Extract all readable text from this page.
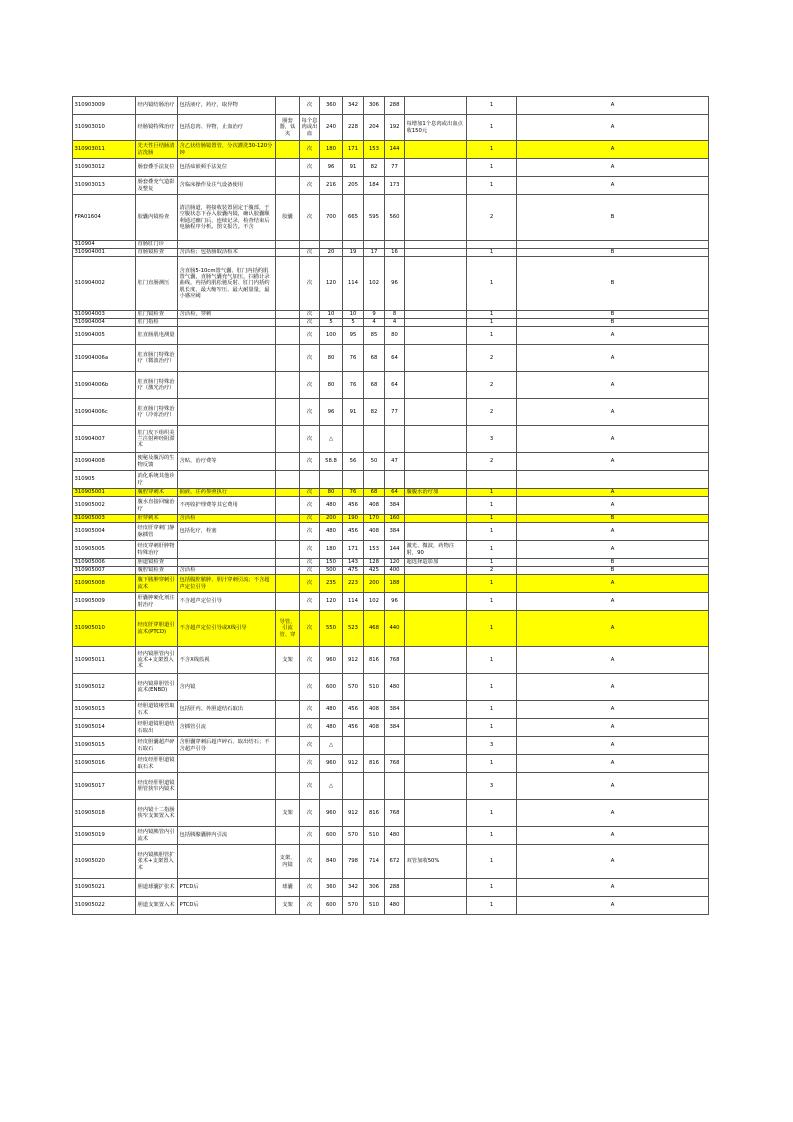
310903009	经内镜结肠治疗	包括液疗，药疗，取异物		次	360	342	306	288		1	A
310903010	经肠镜特殊治疗	包括息肉、异物，止血治疗	圈套器，钛夹	每个息肉或出血	240	228	204	192	每增加1个息肉或出血点收150元	1	A
310903011	先天性巨结肠清洁洗肠	含乙状结肠镜置管，分次灌洗30-120分钟		次	180	171	153	144		1	A
310903012	肠套叠手法复位	包括疝嵌顿手法复位		次	96	91	82	77		1	A
310903013	肠套叠充气造影及整复	含临床操作及注气设备使用		次	216	205	184	173		1	A
FPA01604	胶囊内镜检查	清洁肠道，将接收装置固定于腹部，于空腹状态下吞入胶囊内镜，确认胶囊顺利通过幽门后，连续记录，检查结束后电脑程序分析。图文报告。不含	胶囊	次	700	665	595	560		2	B
310904	直肠肛门诊										
310904001	直肠镜检查	含活检；包括肠取活检术		次	20	19	17	16		1	B
310904002	肛门直肠测压	含直肠5-10cm置气囊、肛门内括约肌置气囊，直肠气囊充气加压，扫描计录曲线，内括约肌松驰反射、肛门内括约肌长度、最大缩窄压、最大耐量量，最小感应阈		次	120	114	102	96		1	B
310904003	肛门镜检查	含活检，穿刺		次	10	10	9	8		1	B
310904004	肛门指检			次	5	5	4	4		1	B
310904005	肛直肠肌电测量			次	100	95	85	80		1	A
310904006a	肛直肠门特殊治疗（微波治疗）			次	80	76	68	64		2	A
310904006b	肛直肠门特殊治疗（激光治疗）			次	80	76	68	64		2	A
310904006c	肛直肠门特殊治疗（冷冻治疗）			次	96	91	82	77		2	A
310904007	肛门皮下组织美兰注射神经阻滞术			次	△					3	A
310904008	便秘及腹泻的生物反馈	含贴，治疗费等		次	58.8	56	50	47		2	A
310905	消化系统其他诊疗										
310905001	腹腔穿刺术	抽液，注药参照执行		次	80	76	68	64	腹腹水治疗加	1	A
310905002	腹水直接回输治疗	不再收护理费等其它费用		次	480	456	408	384		1	A
310905003	肝穿刺术	含活检		次	200	190	170	160		1	B
310905004	经皮肝穿刺门静脉插管	包括化疗，栓塞		次	480	456	408	384		1	A
310905005	经皮穿刺肝肿物特殊治疗			次	180	171	153	144	激光、微波，药物注射，90	1	A
310905006	胆道镜检查			次	150	143	128	120	超选择造影加	1	B
310905007	腹腔镜检查	含活检		次	500	475	425	400		2	B
310905008	腹下脓肿穿刺引流术	包括腹腔脓肿、胆汁穿刺引流；不含超声定位引导		次	235	223	200	188		1	A
310905009	肝囊肿硬化剂注射治疗	不含超声定位引导		次	120	114	102	96		1	A
310905010	经皮肝穿胆道引流术(PTCD)	不含超声定位引导或X线引导	导管、引流管、穿	次	550	523	468	440		1	A
310905011	经内镜胆管内引流术+支架置入术	不含X线监视	支架	次	960	912	816	768		1	A
310905012	经内镜鼻胆管引流术(ENBD)	含内镜		次	600	570	510	480		1	A
310905013	经胆道镜瘘管取石术	包括肝内、外胆道结石取出		次	480	456	408	384		1	A
310905014	经胆道镜胆道结石取出	含插管引流		次	480	456	408	384		1	A
310905015	经皮胆囊超声碎石取石	含胆囊穿刺后超声碎石、取出结石；不含超声引导		次	△					3	A
310905016	经皮经肝胆道镜取石术			次	960	912	816	768		1	A
310905017	经皮经肝胆道镜胆管狭窄内镜术			次	△					3	A
310905018	经内镜十二指肠狭窄支架置入术		支架	次	960	912	816	768		1	A
310905019	经内镜胰管内引流术	包括胰腺囊肿内引流		次	600	570	510	480		1	A
310905020	经内镜胰胆管扩张术+支架置入术		支架、内镜	次	840	798	714	672	双管加收50%	1	A
310905021	胆道球囊扩张术	PTCD后	球囊	次	360	342	306	288		1	A
310905022	胆道支架置入术	PTCD后	支架	次	600	570	510	480		1	A
